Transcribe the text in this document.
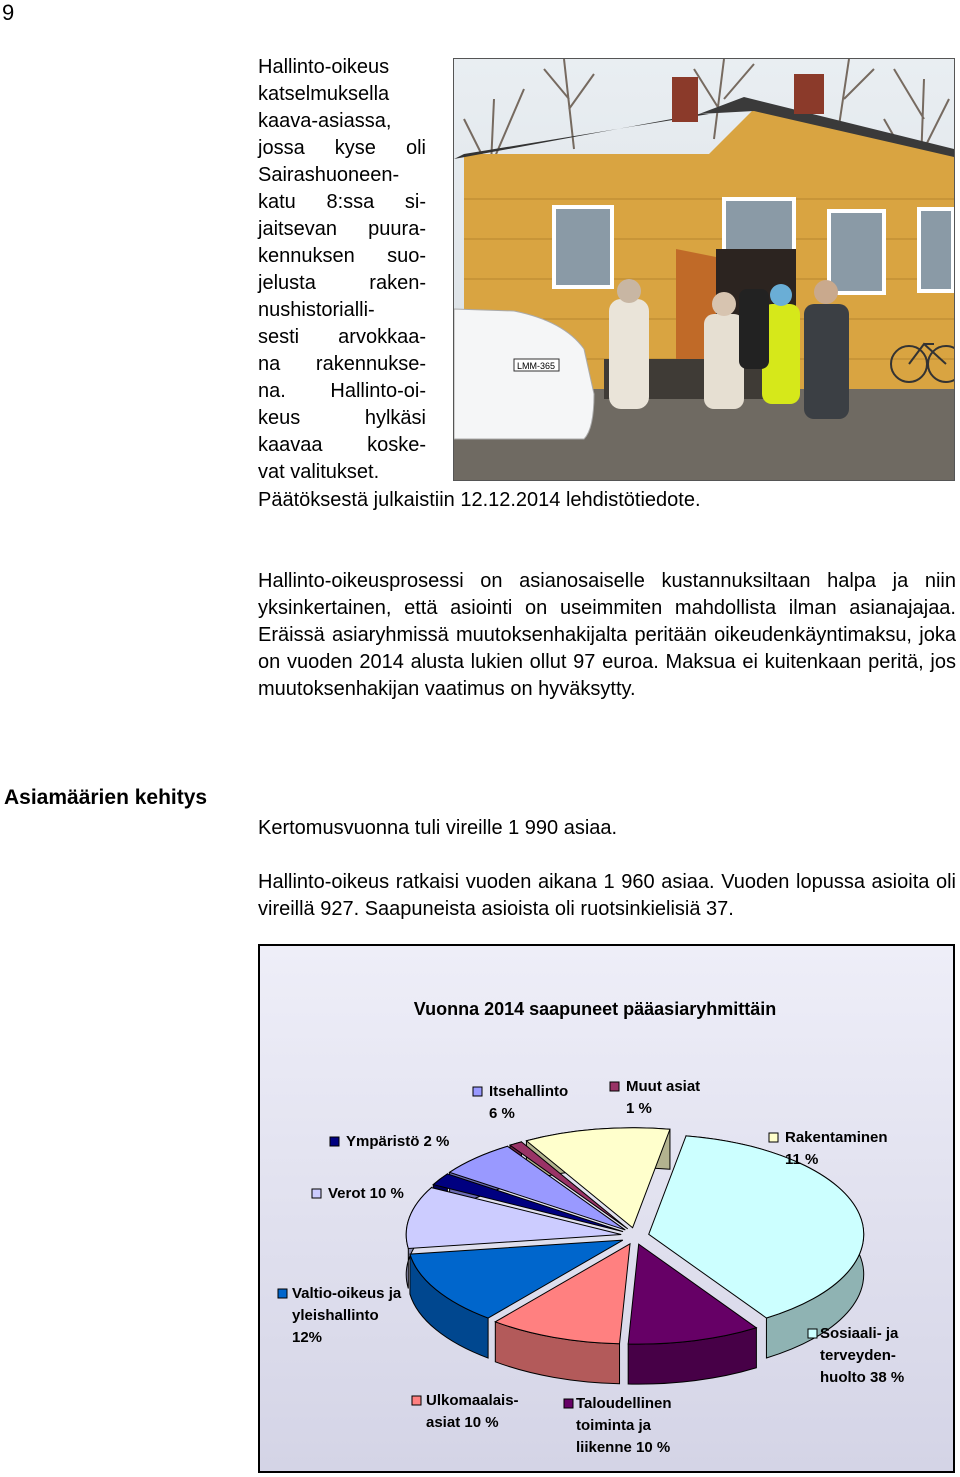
9
Hallinto-oikeus
katselmuksella
kaava-asiassa,
jossa kyse oli
Sairashuoneen-
katu 8:ssa si-
jaitsevan puura-
kennuksen suo-
jelusta raken-
nushistorialli-
sesti arvokkaa-
na rakennukse-
na. Hallinto-oi-
keus hylkäsi
kaavaa koske-
vat valitukset.
Päätöksestä julkaistiin 12.12.2014 lehdistötiedote.
LMM-365

Hallinto-oikeusprosessi on asianosaiselle kustannuksiltaan halpa ja niin yksinkertainen, että asiointi on useimmiten mahdollista ilman asianajajaa. Eräissä asiaryhmissä muutoksenhakijalta peritään oikeudenkäyntimaksu, joka on vuoden 2014 alusta lukien ollut 97 euroa. Maksua ei kuitenkaan peritä, jos muutoksenhakijan vaatimus on hyväksytty.

Asiamäärien kehitys

Kertomusvuonna tuli vireille 1 990 asiaa.

Hallinto-oikeus ratkaisi vuoden aikana 1 960 asiaa. Vuoden lopussa asioita oli vireillä 927. Saapuneista asioista oli ruotsinkielisiä 37.

Vuonna 2014 saapuneet pääasiaryhmittäin
Sosiaali- ja
terveyden-
huolto 38 %
Taloudellinen
toiminta ja
liikenne 10 %
Ulkomaalais-
asiat 10 %
Valtio-oikeus ja
yleishallinto
12%
Verot 10 %
Ympäristö 2 %
Itsehallinto
6 %
Muut asiat
1 %
Rakentaminen
11 %
